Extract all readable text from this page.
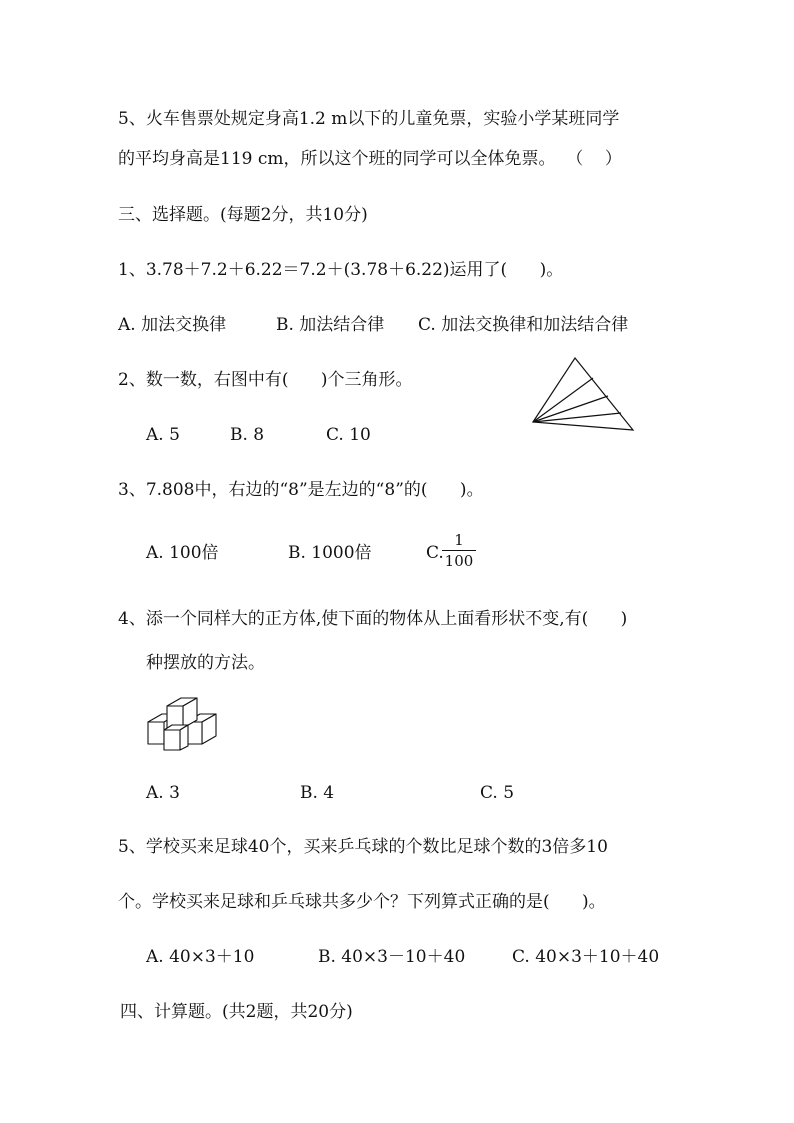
5、火车售票处规定身高1.2 m以下的儿童免票，实验小学某班同学
的平均身高是119 cm，所以这个班的同学可以全体免票。  （    ）
三、选择题。(每题2分，共10分)
1、3.78＋7.2＋6.22＝7.2＋(3.78＋6.22)运用了(      )。
A. 加法交换律	B. 加法结合律 C. 加法交换律和加法结合律
2、数一数，右图中有(      )个三角形。
A. 5	B. 8	C. 10
3、7.808中，右边的“8”是左边的“8”的(      )。
A. 100倍	B. 1000倍	C.
$\frac{1}{100}$
4、添一个同样大的正方体,使下面的物体从上面看形状不变,有(      )
种摆放的方法。
A. 3	B. 4	C. 5
5、学校买来足球40个，买来乒乓球的个数比足球个数的3倍多10
个。学校买来足球和乒乓球共多少个？下列算式正确的是(      )。
A. 40×3＋10	B. 40×3－10＋40	C. 40×3＋10＋40
四、计算题。(共2题，共20分)
